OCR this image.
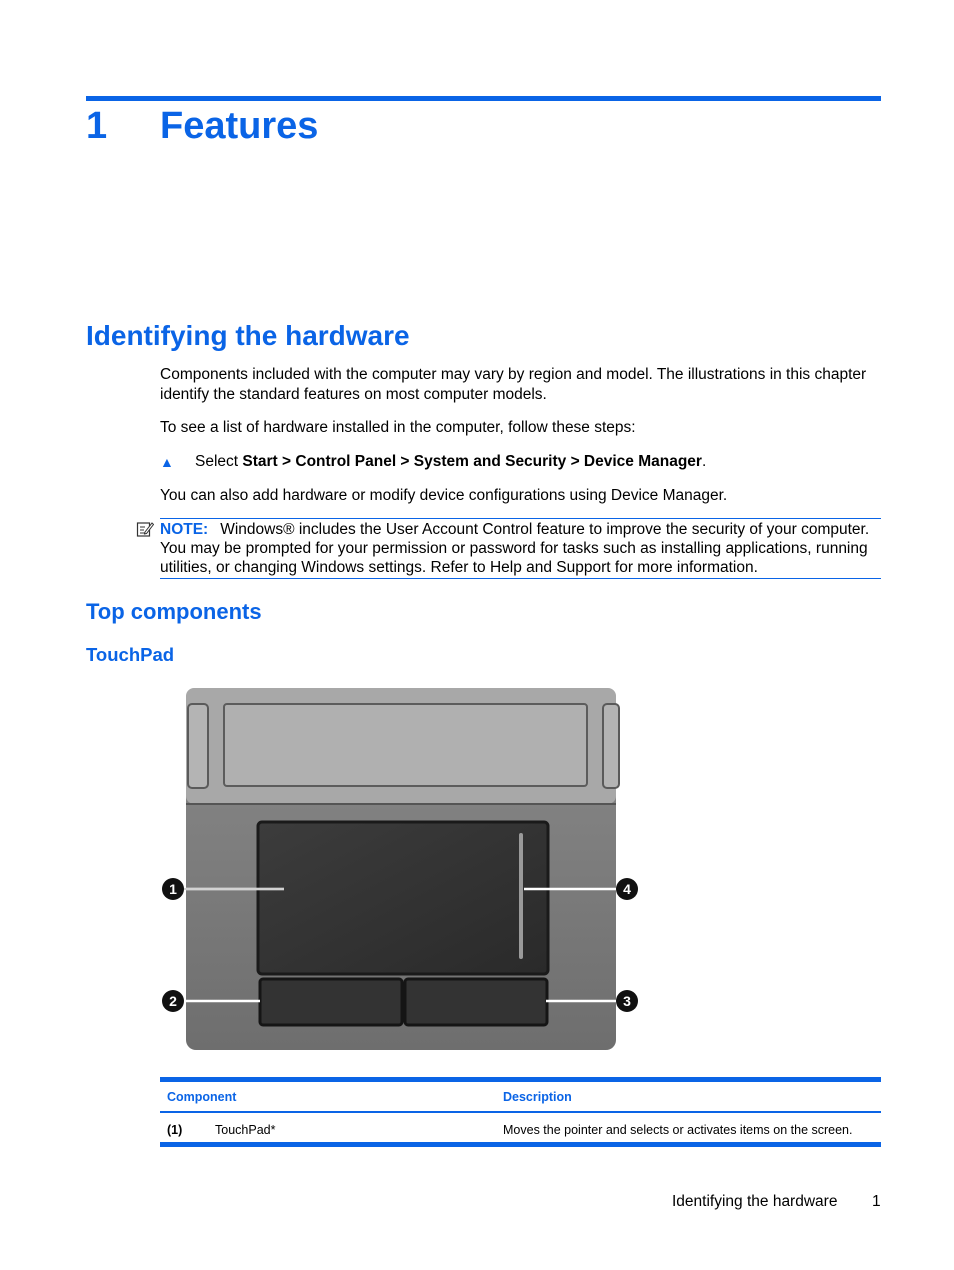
1 Features
Identifying the hardware
Components included with the computer may vary by region and model. The illustrations in this chapter identify the standard features on most computer models.
To see a list of hardware installed in the computer, follow these steps:
▲ Select Start > Control Panel > System and Security > Device Manager.
You can also add hardware or modify device configurations using Device Manager.
NOTE: Windows® includes the User Account Control feature to improve the security of your computer. You may be prompted for your permission or password for tasks such as installing applications, running utilities, or changing Windows settings. Refer to Help and Support for more information.
Top components
TouchPad
1	4
2	3
Component	Description
(1)	TouchPad*	Moves the pointer and selects or activates items on the screen.
Identifying the hardware 1
